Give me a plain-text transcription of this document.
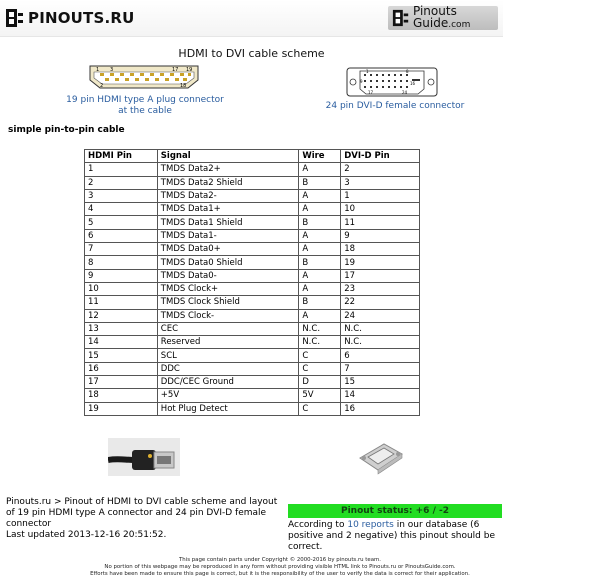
PINOUTS.RU	Pinouts
Guide.com
HDMI to DVI cable scheme
1 3	17 19
2	18
19 pin HDMI type A plug connector
at the cable
1	8
9	16
17	24
24 pin DVI-D female connector
simple pin-to-pin cable
HDMI Pin	Signal	Wire	DVI-D Pin
1	TMDS Data2+	A	2
2	TMDS Data2 Shield	B	3
3	TMDS Data2-	A	1
4	TMDS Data1+	A	10
5	TMDS Data1 Shield	B	11
6	TMDS Data1-	A	9
7	TMDS Data0+	A	18
8	TMDS Data0 Shield	B	19
9	TMDS Data0-	A	17
10	TMDS Clock+	A	23
11	TMDS Clock Shield	B	22
12	TMDS Clock-	A	24
13	CEC	N.C.	N.C.
14	Reserved	N.C.	N.C.
15	SCL	C	6
16	DDC	C	7
17	DDC/CEC Ground	D	15
18	+5V	5V	14
19	Hot Plug Detect	C	16
Pinouts.ru > Pinout of HDMI to DVI cable scheme and layout of 19 pin HDMI type A connector and 24 pin DVI-D female connector
Last updated 2013-12-16 20:51:52.
Pinout status: +6 / -2
According to 10 reports in our database (6 positive and 2 negative) this pinout should be correct.
This page contain parts under Copyright © 2000-2016 by pinouts.ru team.
No portion of this webpage may be reproduced in any form without providing visible HTML link to Pinouts.ru or PinoutsGuide.com.
Efforts have been made to ensure this page is correct, but it is the responsibility of the user to verify the data is correct for their application.
